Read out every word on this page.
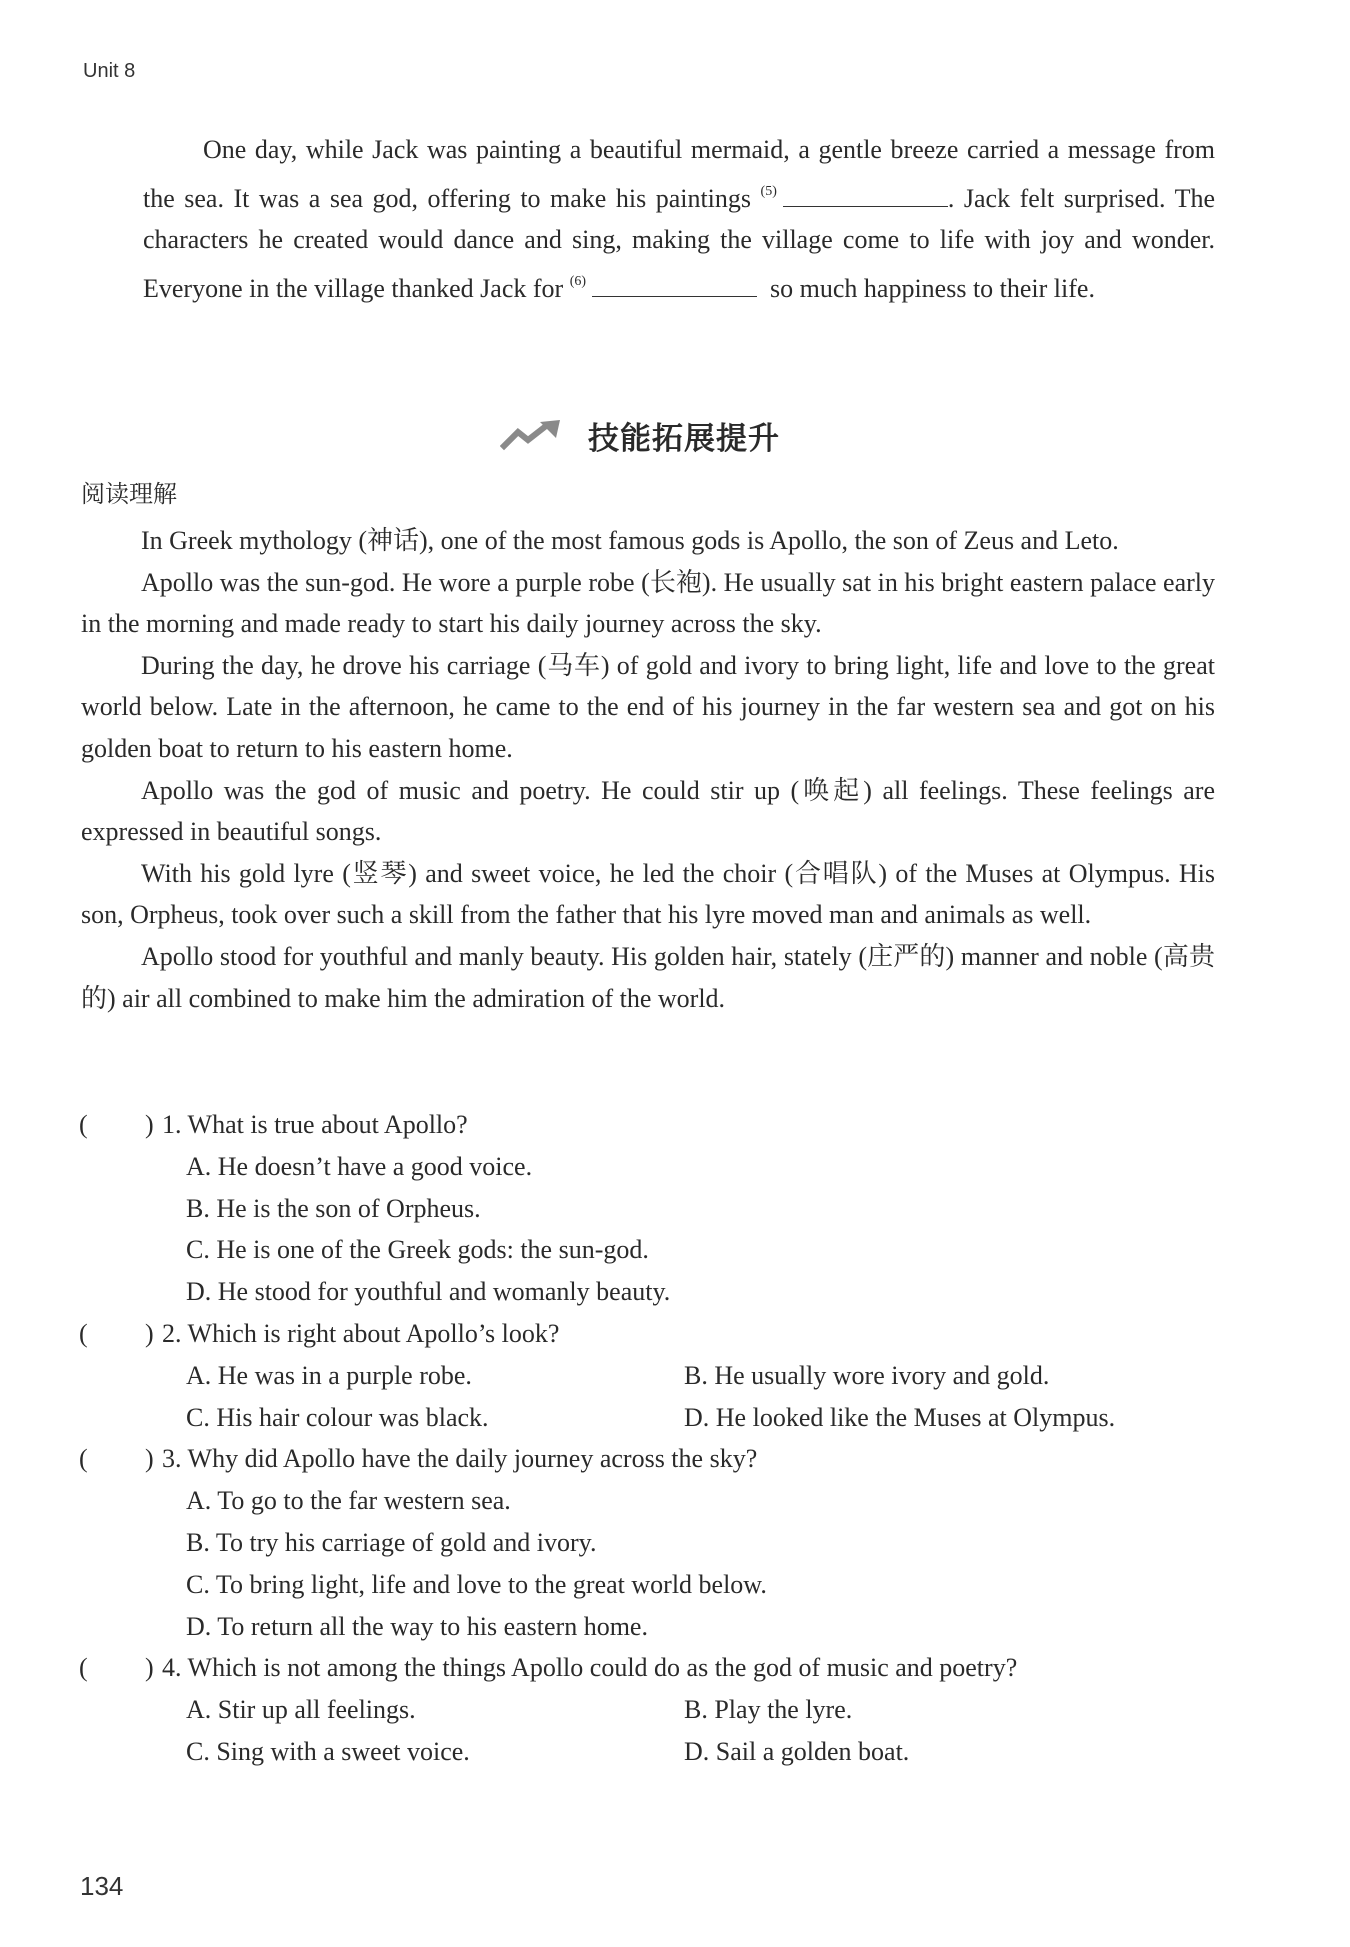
Unit 8

One day, while Jack was painting a beautiful mermaid, a gentle breeze carried a message from the sea. It was a sea god, offering to make his paintings $^{(5)}$	. Jack felt surprised. The characters he created would dance and sing, making the village come to life with joy and wonder. Everyone in the village thanked Jack for $^{(6)}$	so much happiness to their life.

技能拓展提升
阅读理解

In Greek mythology (神话), one of the most famous gods is Apollo, the son of Zeus and Leto.

Apollo was the sun-god. He wore a purple robe (长袍). He usually sat in his bright eastern palace early in the morning and made ready to start his daily journey across the sky.

During the day, he drove his carriage (马车) of gold and ivory to bring light, life and love to the great world below. Late in the afternoon, he came to the end of his journey in the far western sea and got on his golden boat to return to his eastern home.

Apollo was the god of music and poetry. He could stir up (唤起) all feelings. These feelings are expressed in beautiful songs.

With his gold lyre (竖琴) and sweet voice, he led the choir (合唱队) of the Muses at Olympus. His son, Orpheus, took over such a skill from the father that his lyre moved man and animals as well.

Apollo stood for youthful and manly beauty. His golden hair, stately (庄严的) manner and noble (高贵的) air all combined to make him the admiration of the world.

( ) 1. What is true about Apollo?
A. He doesn’t have a good voice.
B. He is the son of Orpheus.
C. He is one of the Greek gods: the sun-god.
D. He stood for youthful and womanly beauty.
( ) 2. Which is right about Apollo’s look?
A. He was in a purple robe.	B. He usually wore ivory and gold.
C. His hair colour was black.	D. He looked like the Muses at Olympus.
( ) 3. Why did Apollo have the daily journey across the sky?
A. To go to the far western sea.
B. To try his carriage of gold and ivory.
C. To bring light, life and love to the great world below.
D. To return all the way to his eastern home.
( ) 4. Which is not among the things Apollo could do as the god of music and poetry?
A. Stir up all feelings.	B. Play the lyre.
C. Sing with a sweet voice.	D. Sail a golden boat.
134
